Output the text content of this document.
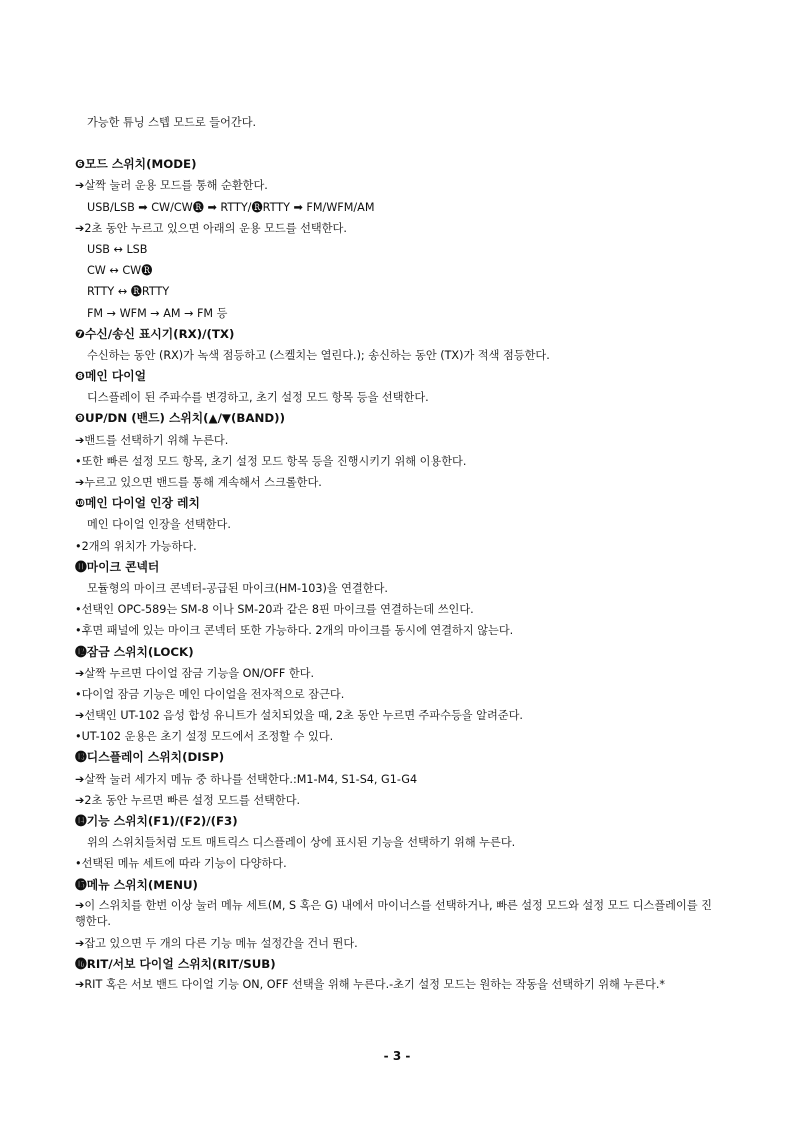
가능한 튜닝 스텝 모드로 들어간다.
❻모드 스위치(MODE)
➔살짝 눌러 운용 모드를 통해 순환한다.
USB/LSB ➡ CW/CW🅡 ➡ RTTY/🅡RTTY ➡ FM/WFM/AM
➔2초 동안 누르고 있으면 아래의 운용 모드를 선택한다.
USB ↔ LSB
CW ↔ CW🅡
RTTY ↔ 🅡RTTY
FM → WFM → AM → FM 등
❼수신/송신 표시기(RX)/(TX)
수신하는 동안 (RX)가 녹색 점등하고 (스켈치는 열린다.); 송신하는 동안 (TX)가 적색 점등한다.
❽메인 다이얼
디스플레이 된 주파수를 변경하고, 초기 설정 모드 항목 등을 선택한다.
❾UP/DN (밴드) 스위치(▲/▼(BAND))
➔밴드를 선택하기 위해 누른다.
•또한 빠른 설정 모드 항목, 초기 설정 모드 항목 등을 진행시키기 위해 이용한다.
➔누르고 있으면 밴드를 통해 계속해서 스크롤한다.
❿메인 다이얼 인장 레치
메인 다이얼 인장을 선택한다.
•2개의 위치가 가능하다.
⓫마이크 콘넥터
모듈형의 마이크 콘넥터-공급된 마이크(HM-103)을 연결한다.
•선택인 OPC-589는 SM-8 이나 SM-20과 같은 8핀 마이크를 연결하는데 쓰인다.
•후면 패널에 있는 마이크 콘넥터 또한 가능하다. 2개의 마이크를 동시에 연결하지 않는다.
⓬잠금 스위치(LOCK)
➔살짝 누르면 다이얼 잠금 기능을 ON/OFF 한다.
•다이얼 잠금 기능은 메인 다이얼을 전자적으로 잠근다.
➔선택인 UT-102 음성 합성 유니트가 설치되었을 때, 2초 동안 누르면 주파수등을 알려준다.
•UT-102 운용은 초기 설정 모드에서 조정할 수 있다.
⓭디스플레이 스위치(DISP)
➔살짝 눌러 세가지 메뉴 중 하나를 선택한다.:M1-M4, S1-S4, G1-G4
➔2초 동안 누르면 빠른 설정 모드를 선택한다.
⓮기능 스위치(F1)/(F2)/(F3)
위의 스위치들처럼 도트 매트릭스 디스플레이 상에 표시된 기능을 선택하기 위해 누른다.
•선택된 메뉴 세트에 따라 기능이 다양하다.
⓯메뉴 스위치(MENU)
➔이 스위치를 한번 이상 눌러 메뉴 세트(M, S 혹은 G) 내에서 마이너스를 선택하거나, 빠른 설정 모드와 설정 모드 디스플레이를 진행한다.
➔잡고 있으면 두 개의 다른 기능 메뉴 설정간을 건너 뛴다.
⓰RIT/서보 다이얼 스위치(RIT/SUB)
➔RIT 혹은 서보 밴드 다이얼 기능 ON, OFF 선택을 위해 누른다.-초기 설정 모드는 원하는 작동을 선택하기 위해 누른다.*
- 3 -
